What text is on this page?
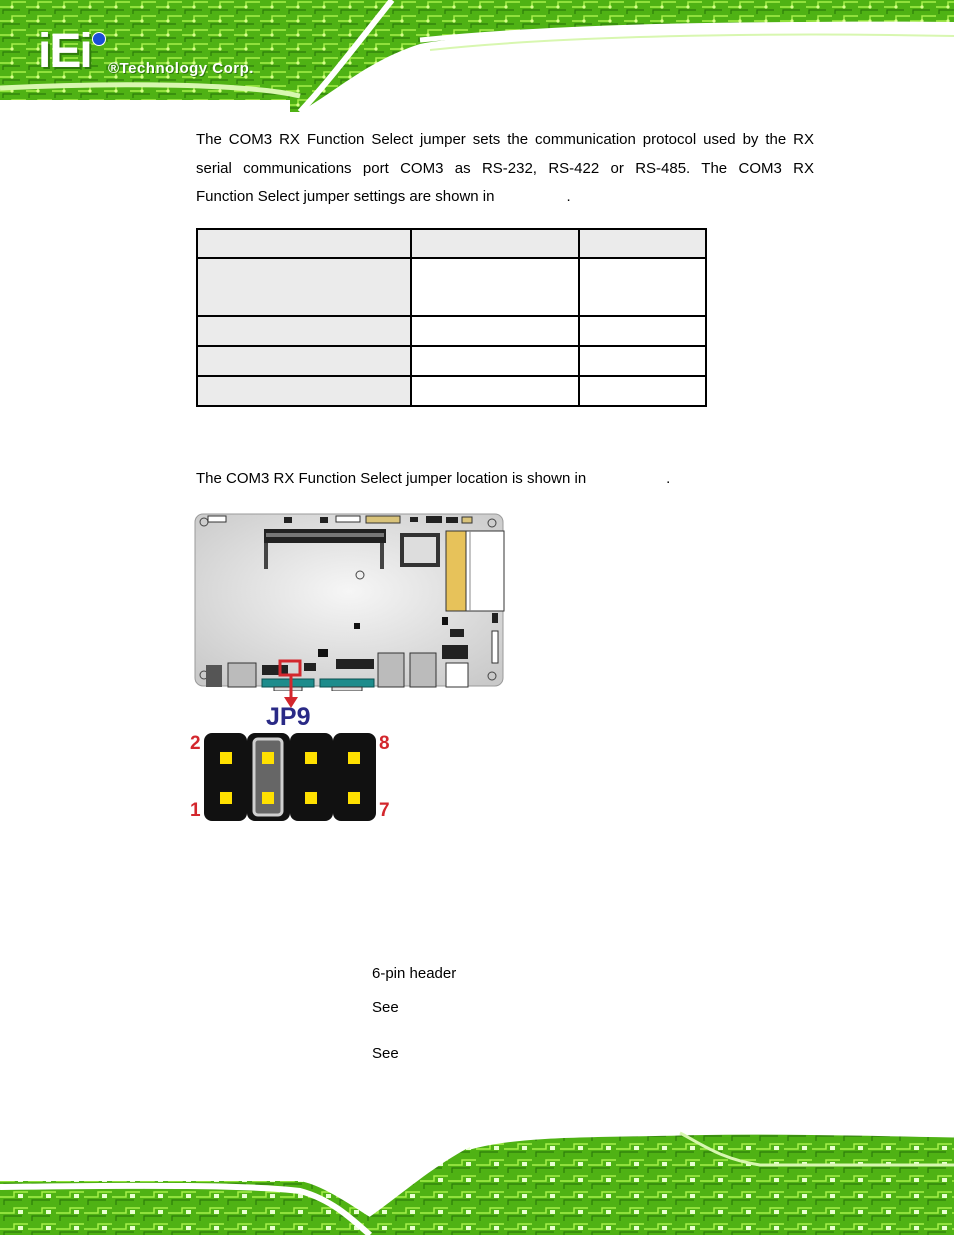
iEi ®Technology Corp.
The COM3 RX Function Select jumper sets the communication protocol used by the RX
serial communications port COM3 as RS-232, RS-422 or RS-485. The COM3 RX
Function Select jumper settings are shown in	.

The COM3 RX Function Select jumper location is shown in	.
JP9
2
1
8
7
6-pin header
See
See
